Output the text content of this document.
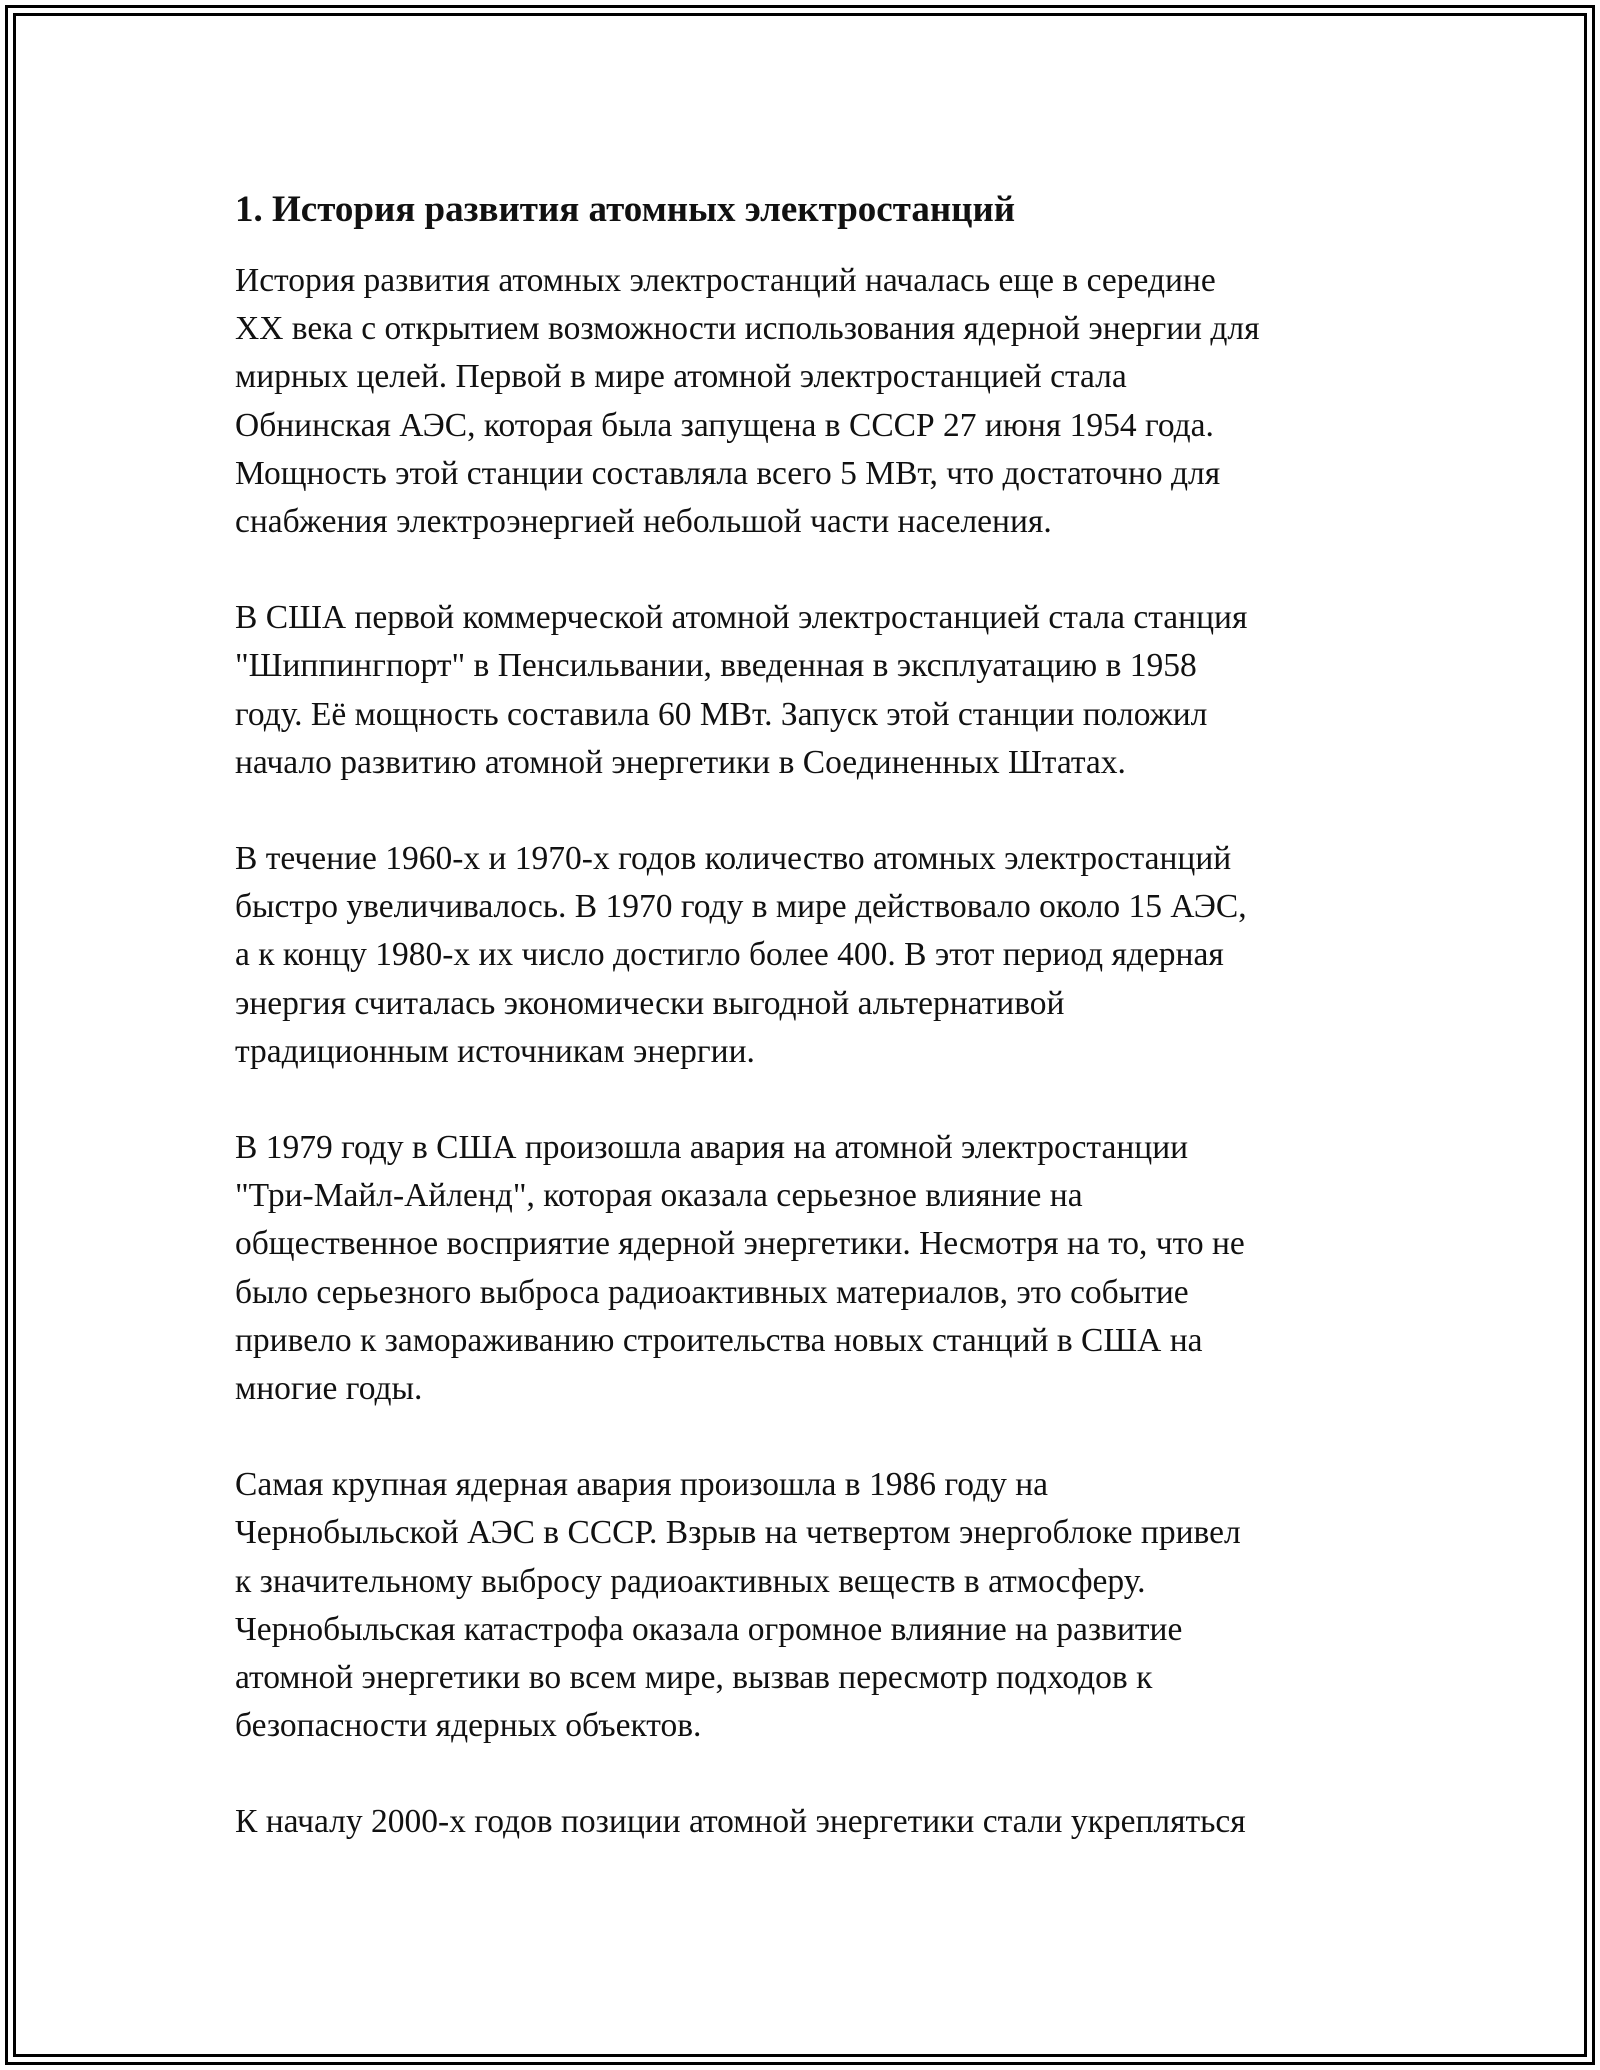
1. История развития атомных электростанций

История развития атомных электростанций началась еще в середине
XX века с открытием возможности использования ядерной энергии для
мирных целей. Первой в мире атомной электростанцией стала
Обнинская АЭС, которая была запущена в СССР 27 июня 1954 года.
Мощность этой станции составляла всего 5 МВт, что достаточно для
снабжения электроэнергией небольшой части населения.

В США первой коммерческой атомной электростанцией стала станция
"Шиппингпорт" в Пенсильвании, введенная в эксплуатацию в 1958
году. Её мощность составила 60 МВт. Запуск этой станции положил
начало развитию атомной энергетики в Соединенных Штатах.

В течение 1960-х и 1970-х годов количество атомных электростанций
быстро увеличивалось. В 1970 году в мире действовало около 15 АЭС,
а к концу 1980-х их число достигло более 400. В этот период ядерная
энергия считалась экономически выгодной альтернативой
традиционным источникам энергии.

В 1979 году в США произошла авария на атомной электростанции
"Три-Майл-Айленд", которая оказала серьезное влияние на
общественное восприятие ядерной энергетики. Несмотря на то, что не
было серьезного выброса радиоактивных материалов, это событие
привело к замораживанию строительства новых станций в США на
многие годы.

Самая крупная ядерная авария произошла в 1986 году на
Чернобыльской АЭС в СССР. Взрыв на четвертом энергоблоке привел
к значительному выбросу радиоактивных веществ в атмосферу.
Чернобыльская катастрофа оказала огромное влияние на развитие
атомной энергетики во всем мире, вызвав пересмотр подходов к
безопасности ядерных объектов.

К началу 2000-х годов позиции атомной энергетики стали укрепляться
